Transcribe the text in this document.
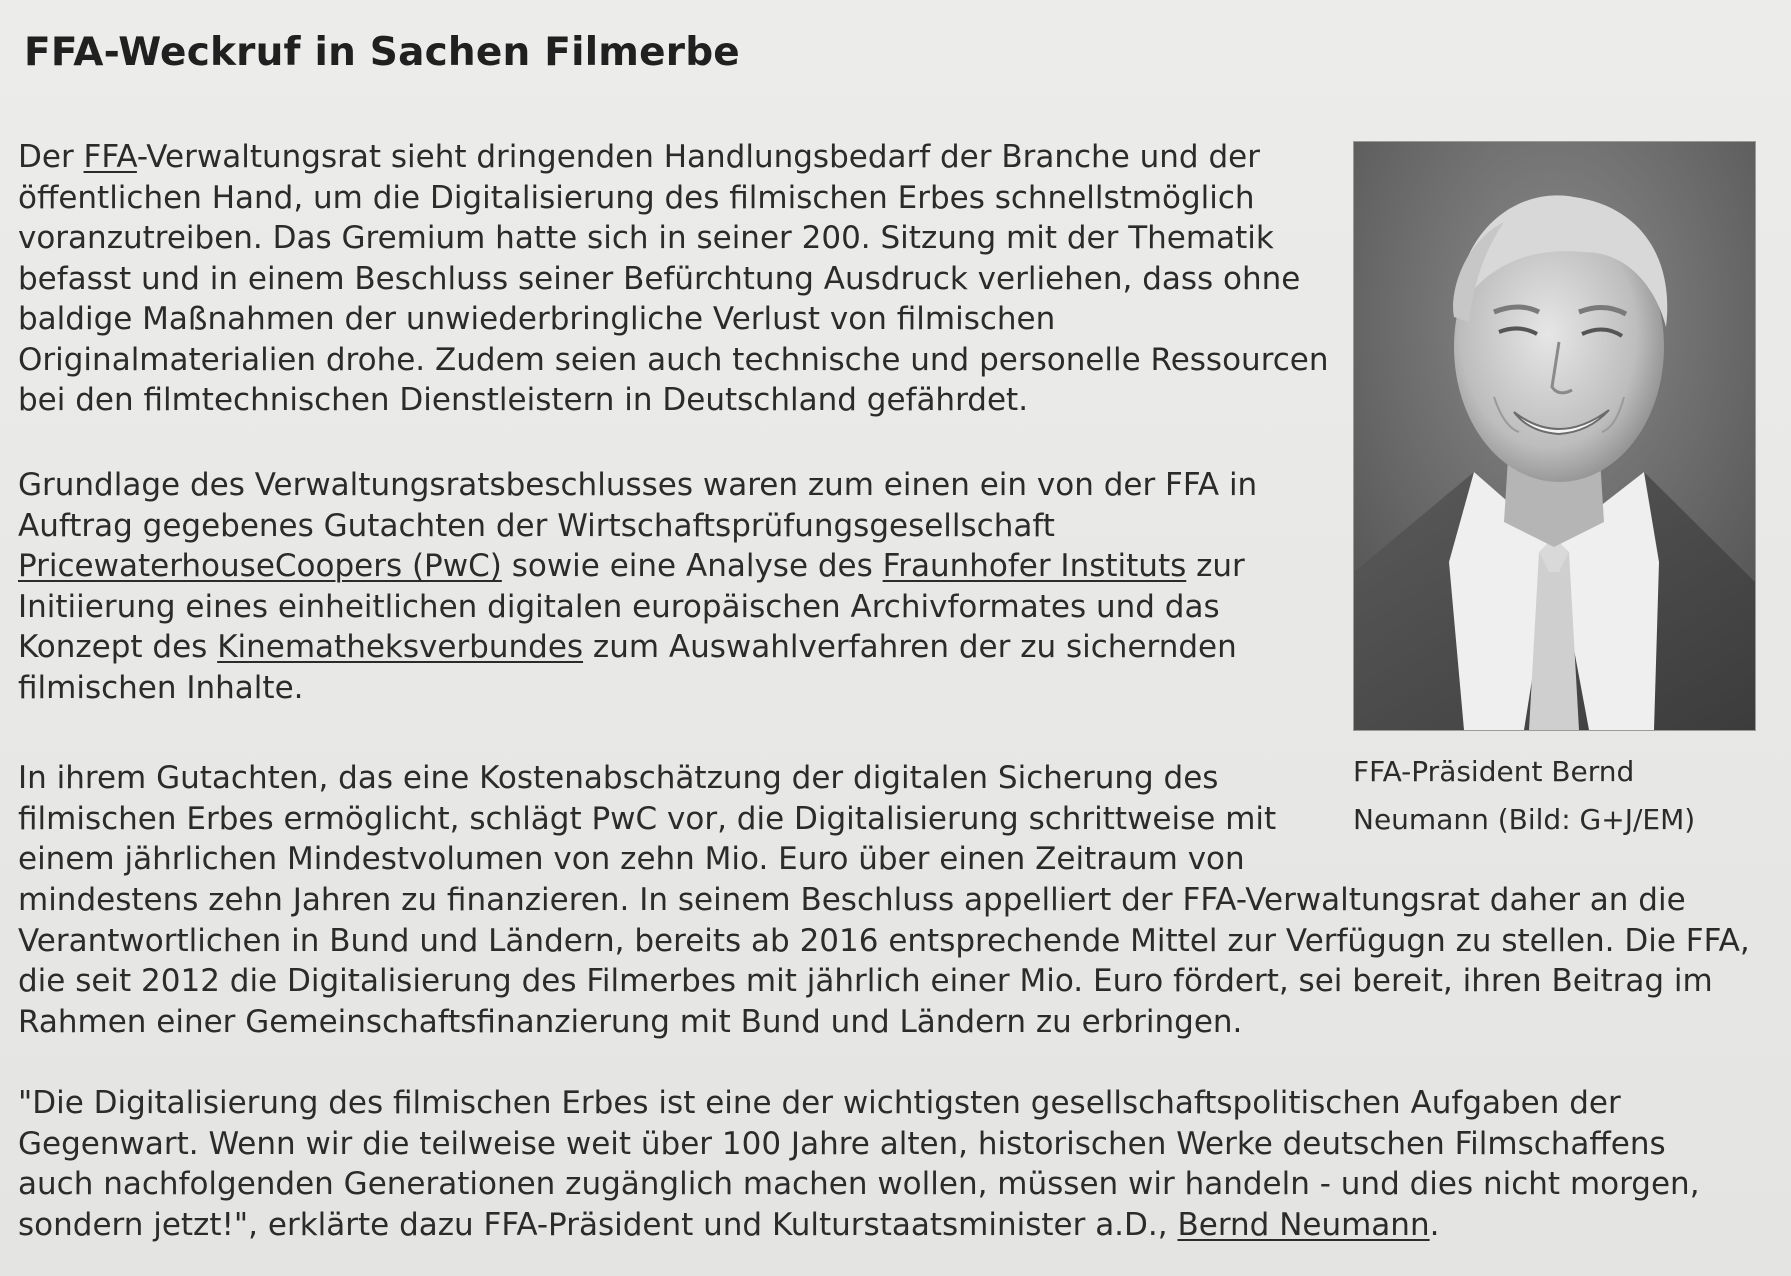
FFA-Weckruf in Sachen Filmerbe

Der FFA-Verwaltungsrat sieht dringenden Handlungsbedarf der Branche und der öffentlichen Hand, um die Digitalisierung des filmischen Erbes schnellstmöglich voranzutreiben. Das Gremium hatte sich in seiner 200. Sitzung mit der Thematik befasst und in einem Beschluss seiner Befürchtung Ausdruck verliehen, dass ohne baldige Maßnahmen der unwiederbringliche Verlust von filmischen Originalmaterialien drohe. Zudem seien auch technische und personelle Ressourcen bei den filmtechnischen Dienstleistern in Deutschland gefährdet.

Grundlage des Verwaltungsratsbeschlusses waren zum einen ein von der FFA in Auftrag gegebenes Gutachten der Wirtschaftsprüfungsgesellschaft PricewaterhouseCoopers (PwC) sowie eine Analyse des Fraunhofer Instituts zur Initiierung eines einheitlichen digitalen europäischen Archivformates und das Konzept des Kinematheksverbundes zum Auswahlverfahren der zu sichernden filmischen Inhalte.

In ihrem Gutachten, das eine Kostenabschätzung der digitalen Sicherung des filmischen Erbes ermöglicht, schlägt PwC vor, die Digitalisierung schrittweise mit einem jährlichen Mindestvolumen von zehn Mio. Euro über einen Zeitraum von

mindestens zehn Jahren zu finanzieren. In seinem Beschluss appelliert der FFA-Verwaltungsrat daher an die Verantwortlichen in Bund und Ländern, bereits ab 2016 entsprechende Mittel zur Verfügugn zu stellen. Die FFA, die seit 2012 die Digitalisierung des Filmerbes mit jährlich einer Mio. Euro fördert, sei bereit, ihren Beitrag im Rahmen einer Gemeinschaftsfinanzierung mit Bund und Ländern zu erbringen.

"Die Digitalisierung des filmischen Erbes ist eine der wichtigsten gesellschaftspolitischen Aufgaben der Gegenwart. Wenn wir die teilweise weit über 100 Jahre alten, historischen Werke deutschen Filmschaffens auch nachfolgenden Generationen zugänglich machen wollen, müssen wir handeln - und dies nicht morgen, sondern jetzt!", erklärte dazu FFA-Präsident und Kulturstaatsminister a.D., Bernd Neumann.

FFA-Präsident Bernd
Neumann (Bild: G+J/EM)
